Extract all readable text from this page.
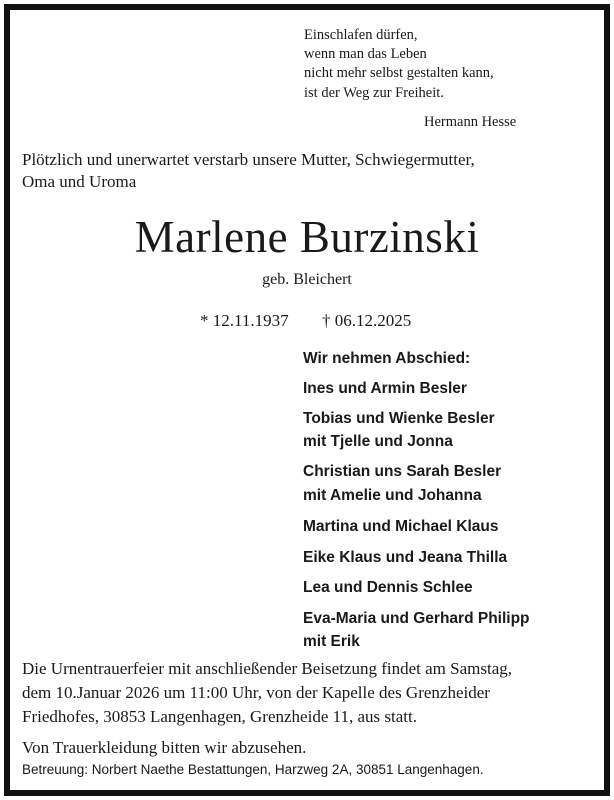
Einschlafen dürfen,

wenn man das Leben

nicht mehr selbst gestalten kann,

ist der Weg zur Freiheit.

Hermann Hesse

Plötzlich und unerwartet verstarb unsere Mutter, Schwiegermutter,

Oma und Uroma

Marlene Burzinski

geb. Bleichert

* 12.11.1937 † 06.12.2025

Wir nehmen Abschied:

Ines und Armin Besler

Tobias und Wienke Besler

mit Tjelle und Jonna

Christian uns Sarah Besler

mit Amelie und Johanna

Martina und Michael Klaus

Eike Klaus und Jeana Thilla

Lea und Dennis Schlee

Eva-Maria und Gerhard Philipp

mit Erik

Die Urnentrauerfeier mit anschließender Beisetzung findet am Samstag,

dem 10.Januar 2026 um 11:00 Uhr, von der Kapelle des Grenzheider

Friedhofes, 30853 Langenhagen, Grenzheide 11, aus statt.

Von Trauerkleidung bitten wir abzusehen.

Betreuung: Norbert Naethe Bestattungen, Harzweg 2A, 30851 Langenhagen.
